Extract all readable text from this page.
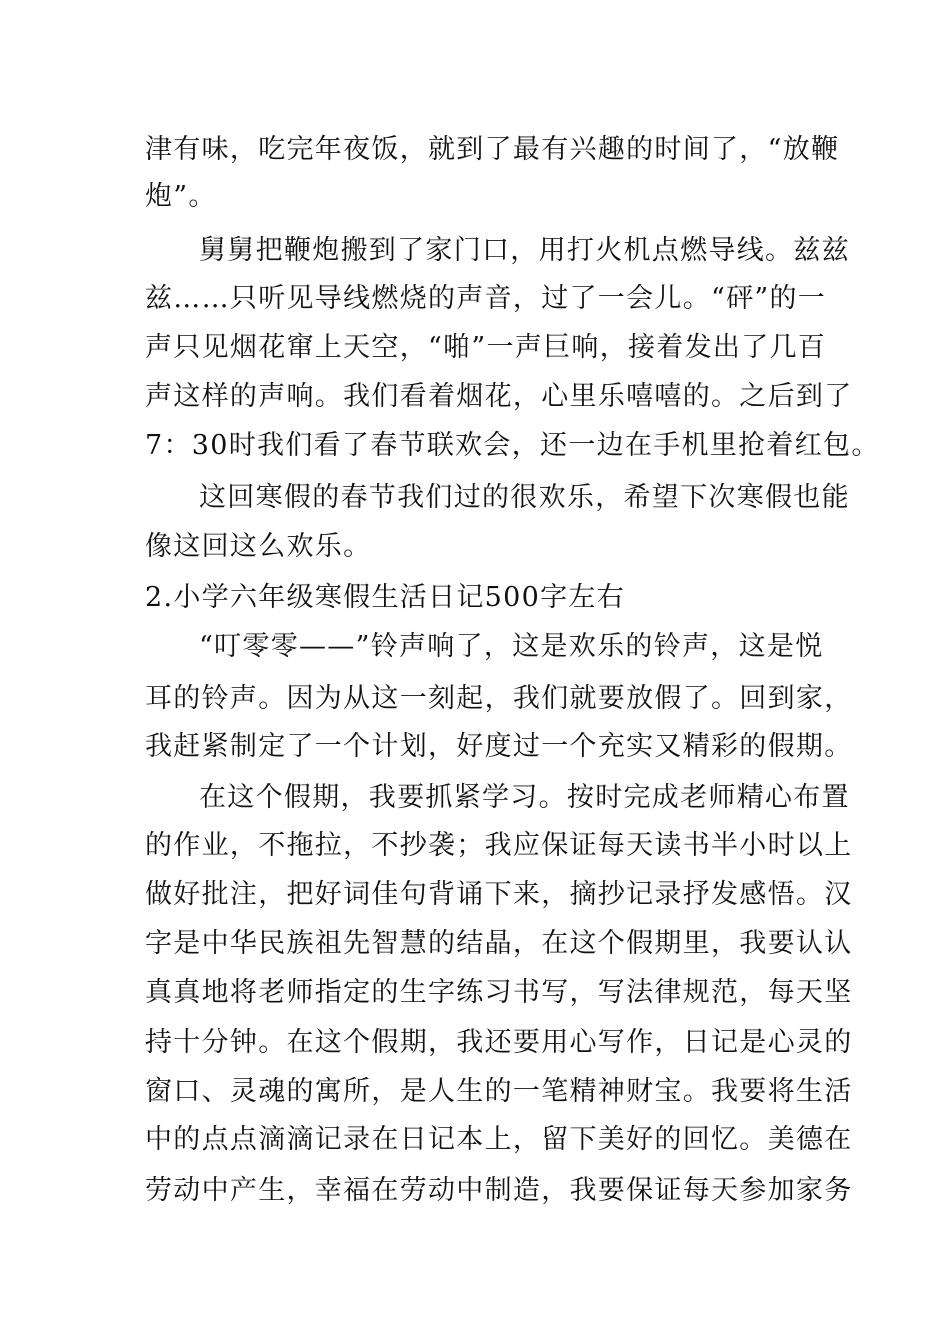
津有味，吃完年夜饭，就到了最有兴趣的时间了，“放鞭
炮”。
舅舅把鞭炮搬到了家门口，用打火机点燃导线。兹兹
兹……只听见导线燃烧的声音，过了一会儿。“砰”的一
声只见烟花窜上天空，“啪”一声巨响，接着发出了几百
声这样的声响。我们看着烟花，心里乐嘻嘻的。之后到了
7：30时我们看了春节联欢会，还一边在手机里抢着红包。
这回寒假的春节我们过的很欢乐，希望下次寒假也能
像这回这么欢乐。
2.小学六年级寒假生活日记500字左右
“叮零零——”铃声响了，这是欢乐的铃声，这是悦
耳的铃声。因为从这一刻起，我们就要放假了。回到家，
我赶紧制定了一个计划，好度过一个充实又精彩的假期。
在这个假期，我要抓紧学习。按时完成老师精心布置
的作业，不拖拉，不抄袭；我应保证每天读书半小时以上
做好批注，把好词佳句背诵下来，摘抄记录抒发感悟。汉
字是中华民族祖先智慧的结晶，在这个假期里，我要认认
真真地将老师指定的生字练习书写，写法律规范，每天坚
持十分钟。在这个假期，我还要用心写作，日记是心灵的
窗口、灵魂的寓所，是人生的一笔精神财宝。我要将生活
中的点点滴滴记录在日记本上，留下美好的回忆。美德在
劳动中产生，幸福在劳动中制造，我要保证每天参加家务
